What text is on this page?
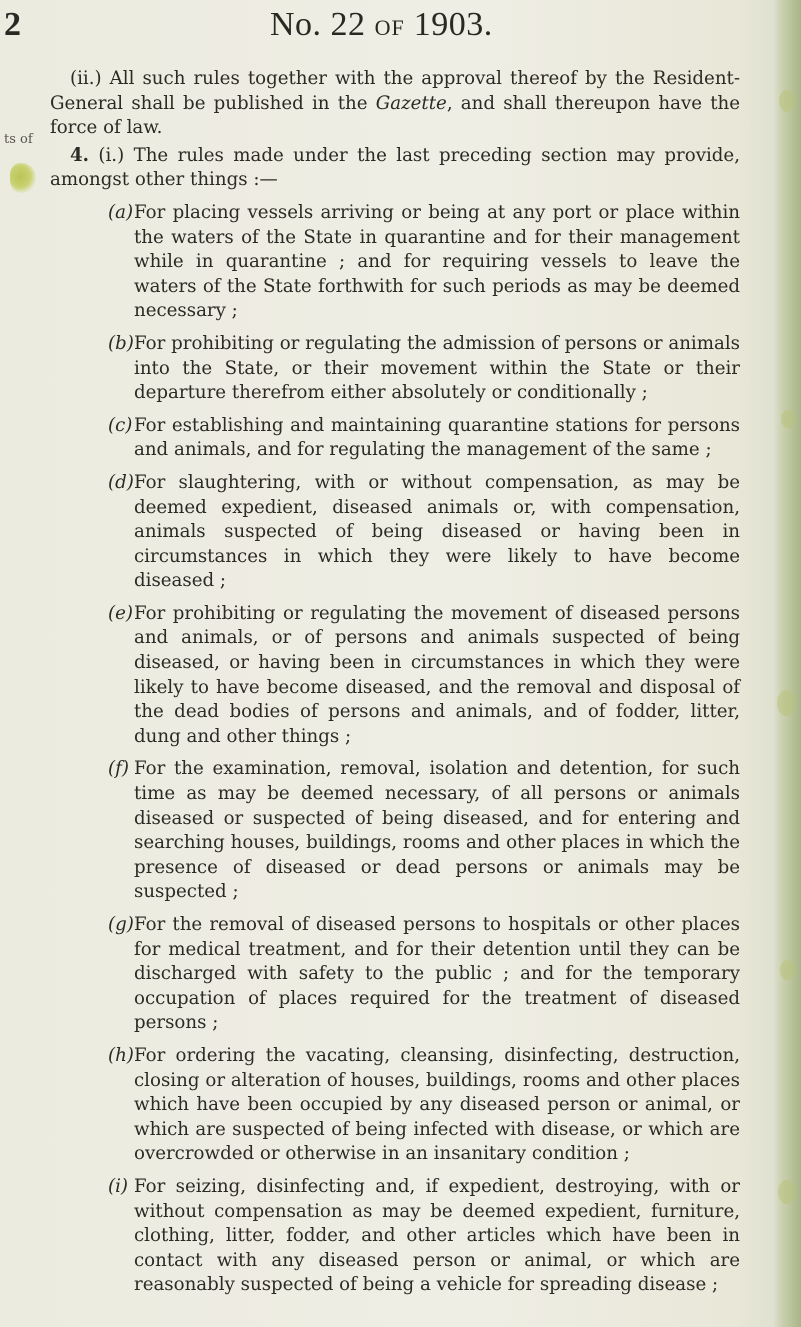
2	No. 22 OF 1903.
ts of

(ii.) All such rules together with the approval thereof by the Resident-General shall be published in the Gazette, and shall thereupon have the force of law.

4. (i.) The rules made under the last preceding section may provide, amongst other things :—

(a) For placing vessels arriving or being at any port or place within the waters of the State in quarantine and for their management while in quarantine ; and for requiring vessels to leave the waters of the State forthwith for such periods as may be deemed necessary ;
(b) For prohibiting or regulating the admission of persons or animals into the State, or their movement within the State or their departure therefrom either absolutely or conditionally ;
(c) For establishing and maintaining quarantine stations for persons and animals, and for regulating the management of the same ;
(d) For slaughtering, with or without compensation, as may be deemed expedient, diseased animals or, with compensation, animals suspected of being diseased or having been in circumstances in which they were likely to have become diseased ;
(e) For prohibiting or regulating the movement of diseased persons and animals, or of persons and animals suspected of being diseased, or having been in circumstances in which they were likely to have become diseased, and the removal and disposal of the dead bodies of persons and animals, and of fodder, litter, dung and other things ;
(f) For the examination, removal, isolation and detention, for such time as may be deemed necessary, of all persons or animals diseased or suspected of being diseased, and for entering and searching houses, buildings, rooms and other places in which the presence of diseased or dead persons or animals may be suspected ;
(g) For the removal of diseased persons to hospitals or other places for medical treatment, and for their detention until they can be discharged with safety to the public ; and for the temporary occupation of places required for the treatment of diseased persons ;
(h) For ordering the vacating, cleansing, disinfecting, destruction, closing or alteration of houses, buildings, rooms and other places which have been occupied by any diseased person or animal, or which are suspected of being infected with disease, or which are overcrowded or otherwise in an insanitary condition ;
(i) For seizing, disinfecting and, if expedient, destroying, with or without compensation as may be deemed expedient, furniture, clothing, litter, fodder, and other articles which have been in contact with any diseased person or animal, or which are reasonably suspected of being a vehicle for spreading disease ;
